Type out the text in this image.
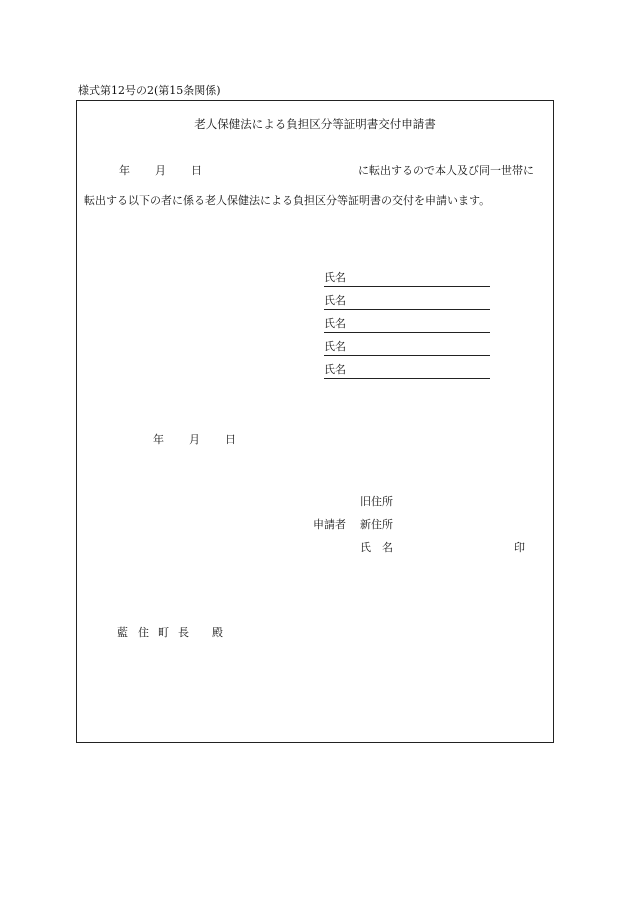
様式第12号の2(第15条関係)
老人保健法による負担区分等証明書交付申請書
年 月 日	に転出するので本人及び同一世帯に
転出する以下の者に係る老人保健法による負担区分等証明書の交付を申請います。
氏名
氏名
氏名
氏名
氏名
年 月 日
旧住所
申請者 新住所
氏　名	印
藍 住 町 長 殿
